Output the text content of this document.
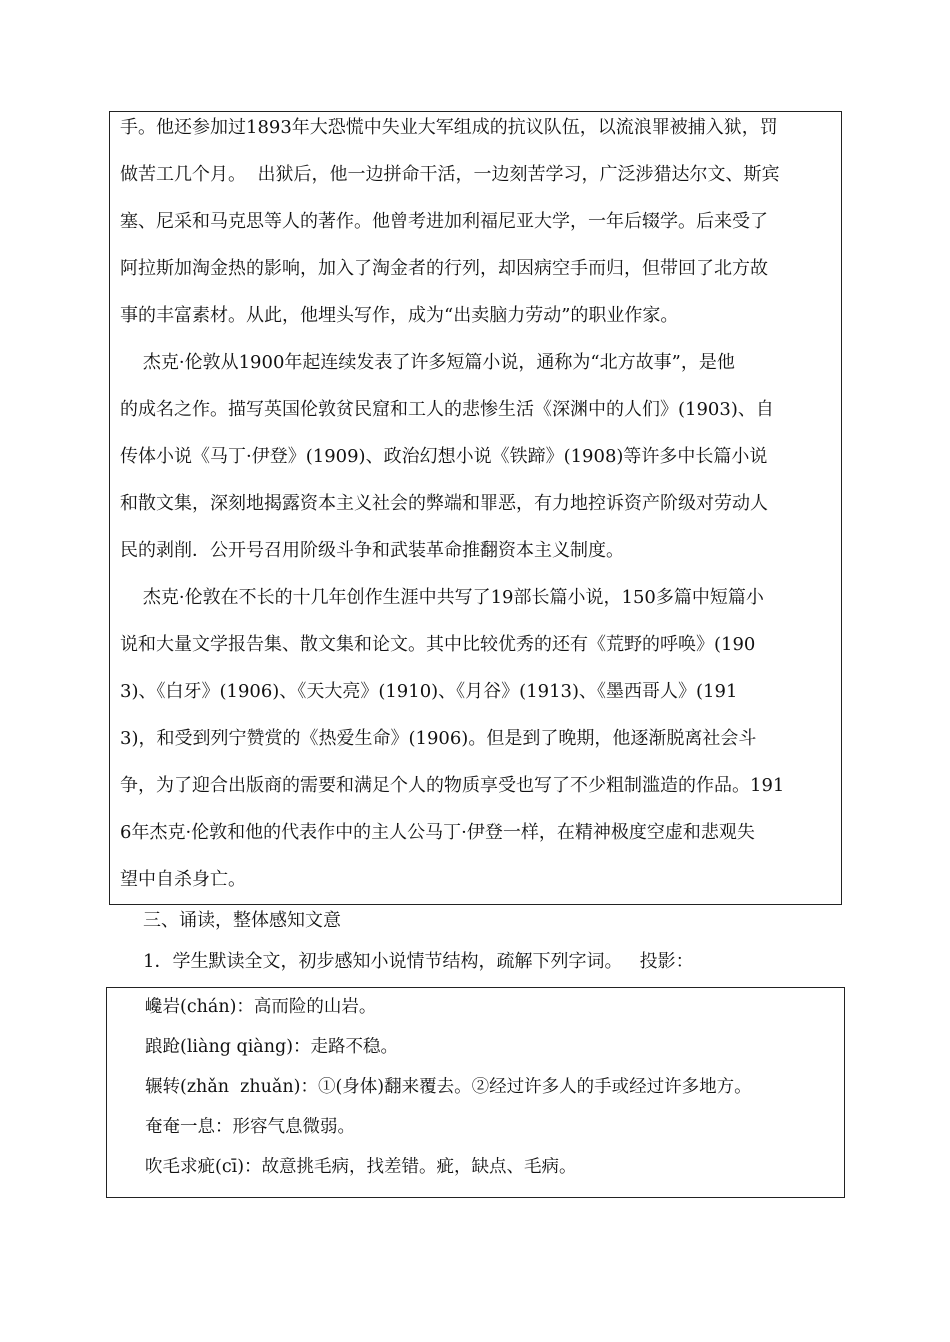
手。他还参加过1893年大恐慌中失业大军组成的抗议队伍，以流浪罪被捕入狱，罚
做苦工几个月。  出狱后，他一边拼命干活，一边刻苦学习，广泛涉猎达尔文、斯宾
塞、尼采和马克思等人的著作。他曾考进加利福尼亚大学，一年后辍学。后来受了
阿拉斯加淘金热的影响，加入了淘金者的行列，却因病空手而归，但带回了北方故
事的丰富素材。从此，他埋头写作，成为“出卖脑力劳动”的职业作家。
杰克·伦敦从1900年起连续发表了许多短篇小说，通称为“北方故事”，是他
的成名之作。描写英国伦敦贫民窟和工人的悲惨生活《深渊中的人们》(1903)、自
传体小说《马丁·伊登》(1909)、政治幻想小说《铁蹄》(1908)等许多中长篇小说
和散文集，深刻地揭露资本主义社会的弊端和罪恶，有力地控诉资产阶级对劳动人
民的剥削．公开号召用阶级斗争和武装革命推翻资本主义制度。
杰克·伦敦在不长的十几年创作生涯中共写了19部长篇小说，150多篇中短篇小
说和大量文学报告集、散文集和论文。其中比较优秀的还有《荒野的呼唤》(190
3)、《白牙》(1906)、《天大亮》(1910)、《月谷》(1913)、《墨西哥人》(191
3)，和受到列宁赞赏的《热爱生命》(1906)。但是到了晚期，他逐渐脱离社会斗
争，为了迎合出版商的需要和满足个人的物质享受也写了不少粗制滥造的作品。191
6年杰克·伦敦和他的代表作中的主人公马丁·伊登一样，在精神极度空虚和悲观失
望中自杀身亡。
三、诵读，整体感知文意
1．学生默读全文，初步感知小说情节结构，疏解下列字词。   投影：
巉岩(chán)：高而险的山岩。
踉跄(liàng qiàng)：走路不稳。
辗转(zhǎn  zhuǎn)：①(身体)翻来覆去。②经过许多人的手或经过许多地方。
奄奄一息：形容气息微弱。
吹毛求疵(cī)：故意挑毛病，找差错。疵，缺点、毛病。
